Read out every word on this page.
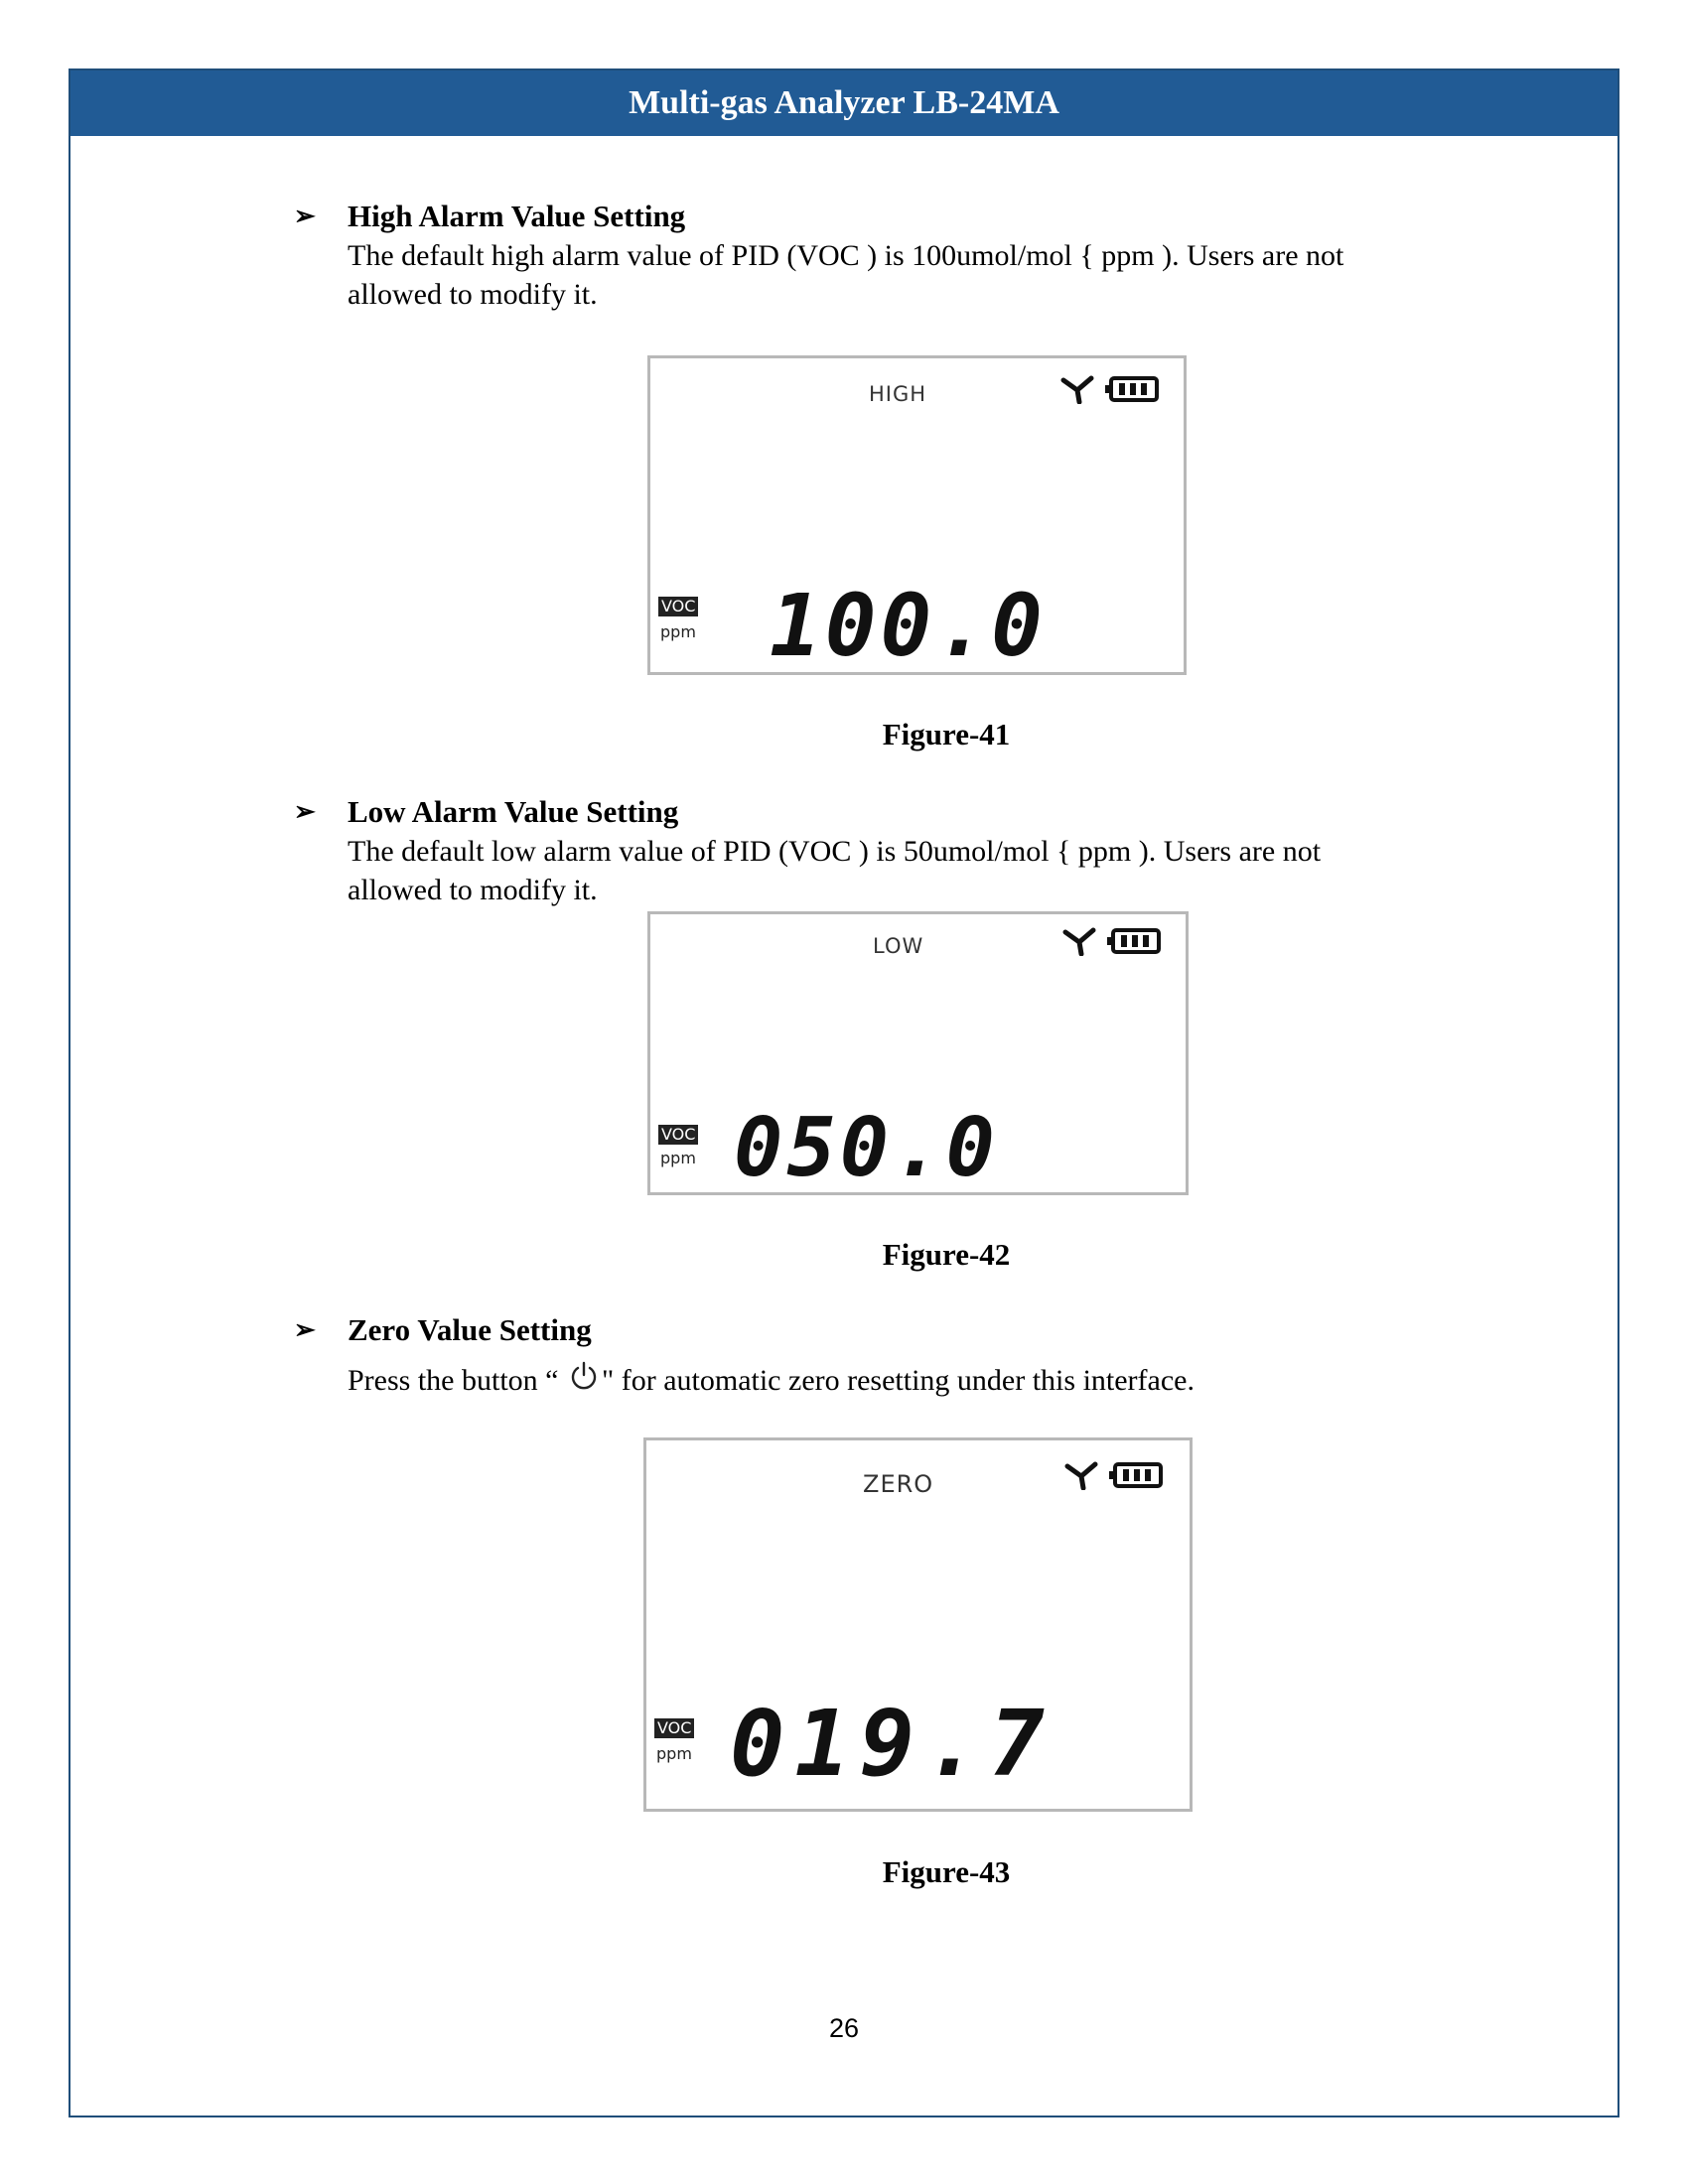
Multi-gas Analyzer LB-24MA
➢	High Alarm Value Setting
The default high alarm value of PID (VOC ) is 100umol/mol { ppm ). Users are not
allowed to modify it.
HIGH
VOC
ppm 100.0
Figure-41
➢	Low Alarm Value Setting
The default low alarm value of PID (VOC ) is 50umol/mol { ppm ). Users are not
allowed to modify it.
LOW
VOC
ppm 050.0
Figure-42
➢	Zero Value Setting
Press the button “ " for automatic zero resetting under this interface.
ZERO
VOC
ppm 019.7
Figure-43
26
